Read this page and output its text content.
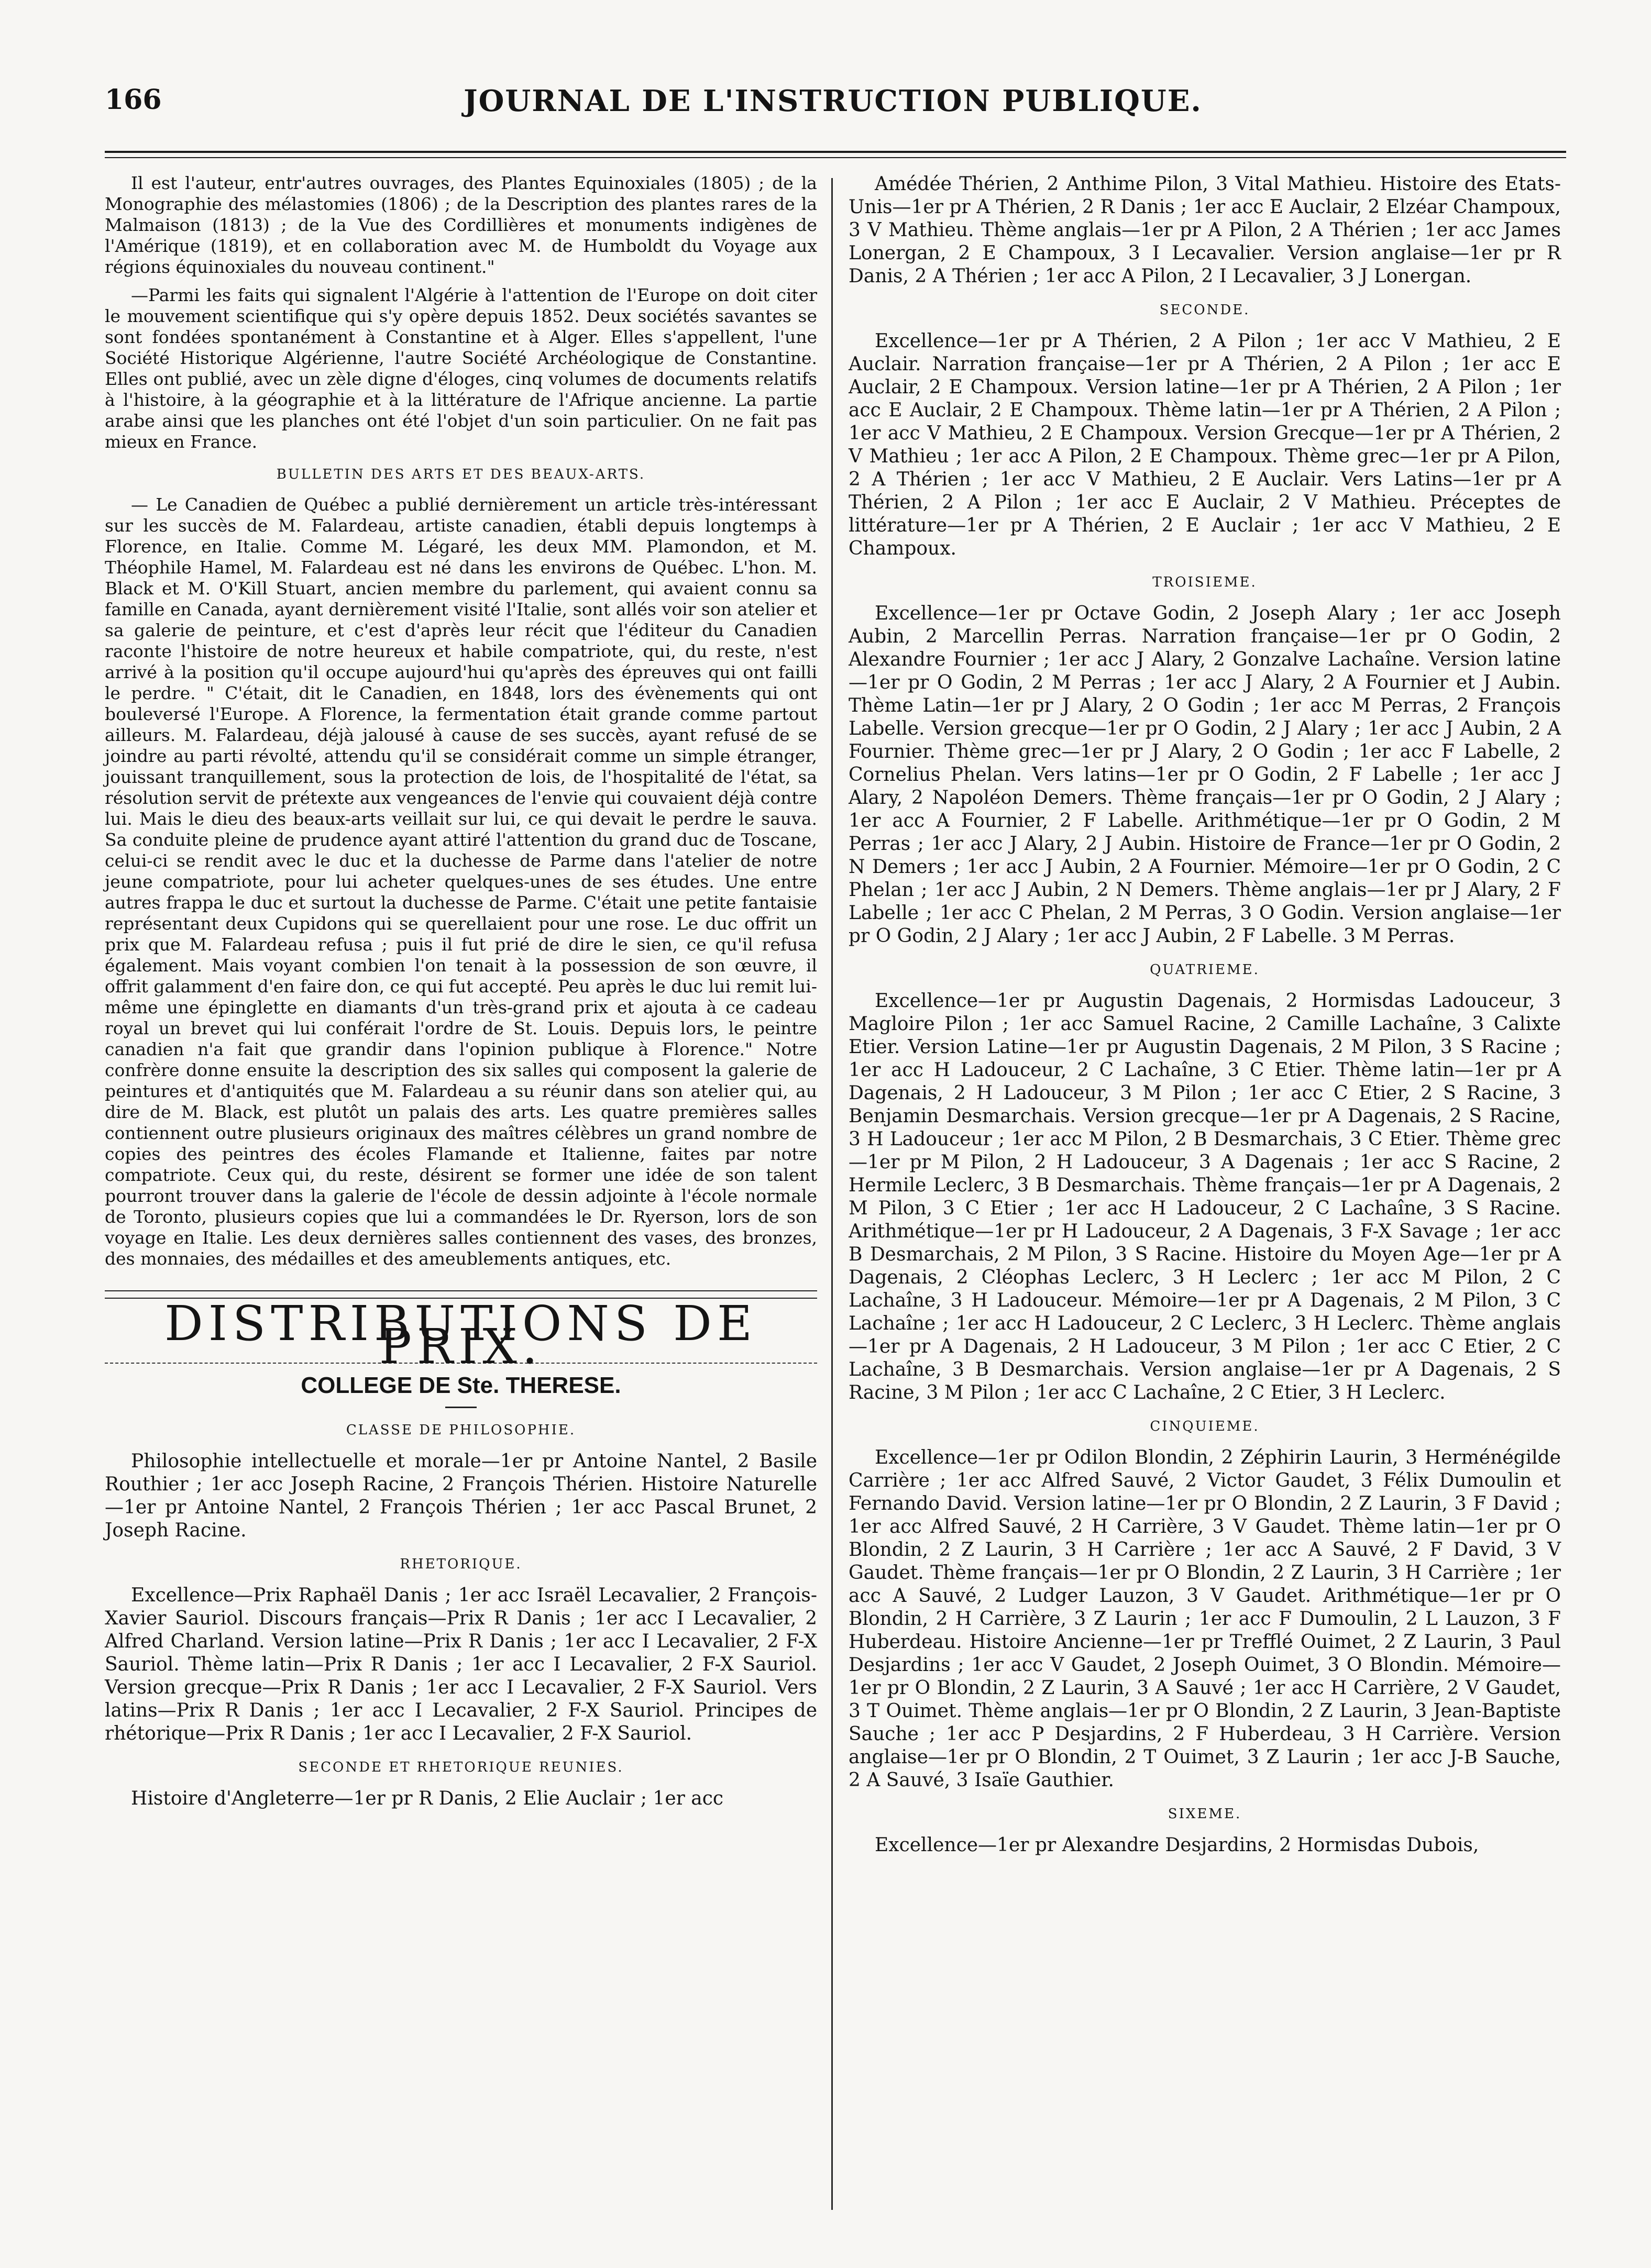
166	JOURNAL DE L'INSTRUCTION PUBLIQUE.

Il est l'auteur, entr'autres ouvrages, des Plantes Equinoxiales (1805) ; de la Monographie des mélastomies (1806) ; de la Description des plantes rares de la Malmaison (1813) ; de la Vue des Cordillières et monuments indigènes de l'Amérique (1819), et en collaboration avec M. de Humboldt du Voyage aux régions équinoxiales du nouveau continent."

—Parmi les faits qui signalent l'Algérie à l'attention de l'Europe on doit citer le mouvement scientifique qui s'y opère depuis 1852. Deux sociétés savantes se sont fondées spontanément à Constantine et à Alger. Elles s'appellent, l'une Société Historique Algérienne, l'autre Société Archéologique de Constantine. Elles ont publié, avec un zèle digne d'éloges, cinq volumes de documents relatifs à l'histoire, à la géographie et à la littérature de l'Afrique ancienne. La partie arabe ainsi que les planches ont été l'objet d'un soin particulier. On ne fait pas mieux en France.

BULLETIN DES ARTS ET DES BEAUX-ARTS.

— Le Canadien de Québec a publié dernièrement un article très-intéressant sur les succès de M. Falardeau, artiste canadien, établi depuis longtemps à Florence, en Italie. Comme M. Légaré, les deux MM. Plamondon, et M. Théophile Hamel, M. Falardeau est né dans les environs de Québec. L'hon. M. Black et M. O'Kill Stuart, ancien membre du parlement, qui avaient connu sa famille en Canada, ayant dernièrement visité l'Italie, sont allés voir son atelier et sa galerie de peinture, et c'est d'après leur récit que l'éditeur du Canadien raconte l'histoire de notre heureux et habile compatriote, qui, du reste, n'est arrivé à la position qu'il occupe aujourd'hui qu'après des épreuves qui ont failli le perdre. " C'était, dit le Canadien, en 1848, lors des évènements qui ont bouleversé l'Europe. A Florence, la fermentation était grande comme partout ailleurs. M. Falardeau, déjà jalousé à cause de ses succès, ayant refusé de se joindre au parti révolté, attendu qu'il se considérait comme un simple étranger, jouissant tranquillement, sous la protection de lois, de l'hospitalité de l'état, sa résolution servit de prétexte aux vengeances de l'envie qui couvaient déjà contre lui. Mais le dieu des beaux-arts veillait sur lui, ce qui devait le perdre le sauva. Sa conduite pleine de prudence ayant attiré l'attention du grand duc de Toscane, celui-ci se rendit avec le duc et la duchesse de Parme dans l'atelier de notre jeune compatriote, pour lui acheter quelques-unes de ses études. Une entre autres frappa le duc et surtout la duchesse de Parme. C'était une petite fantaisie représentant deux Cupidons qui se querellaient pour une rose. Le duc offrit un prix que M. Falardeau refusa ; puis il fut prié de dire le sien, ce qu'il refusa également. Mais voyant combien l'on tenait à la possession de son œuvre, il offrit galamment d'en faire don, ce qui fut accepté. Peu après le duc lui remit lui-même une épinglette en diamants d'un très-grand prix et ajouta à ce cadeau royal un brevet qui lui conférait l'ordre de St. Louis. Depuis lors, le peintre canadien n'a fait que grandir dans l'opinion publique à Florence." Notre confrère donne ensuite la description des six salles qui composent la galerie de peintures et d'antiquités que M. Falardeau a su réunir dans son atelier qui, au dire de M. Black, est plutôt un palais des arts. Les quatre premières salles contiennent outre plusieurs originaux des maîtres célèbres un grand nombre de copies des peintres des écoles Flamande et Italienne, faites par notre compatriote. Ceux qui, du reste, désirent se former une idée de son talent pourront trouver dans la galerie de l'école de dessin adjointe à l'école normale de Toronto, plusieurs copies que lui a commandées le Dr. Ryerson, lors de son voyage en Italie. Les deux dernières salles contiennent des vases, des bronzes, des monnaies, des médailles et des ameublements antiques, etc.

DISTRIBUTIONS DE PRIX.
COLLEGE DE Ste. THERESE.
CLASSE DE PHILOSOPHIE.

Philosophie intellectuelle et morale—1er pr Antoine Nantel, 2 Basile Routhier ; 1er acc Joseph Racine, 2 François Thérien. Histoire Naturelle—1er pr Antoine Nantel, 2 François Thérien ; 1er acc Pascal Brunet, 2 Joseph Racine.

RHETORIQUE.

Excellence—Prix Raphaël Danis ; 1er acc Israël Lecavalier, 2 François-Xavier Sauriol. Discours français—Prix R Danis ; 1er acc I Lecavalier, 2 Alfred Charland. Version latine—Prix R Danis ; 1er acc I Lecavalier, 2 F-X Sauriol. Thème latin—Prix R Danis ; 1er acc I Lecavalier, 2 F-X Sauriol. Version grecque—Prix R Danis ; 1er acc I Lecavalier, 2 F-X Sauriol. Vers latins—Prix R Danis ; 1er acc I Lecavalier, 2 F-X Sauriol. Principes de rhétorique—Prix R Danis ; 1er acc I Lecavalier, 2 F-X Sauriol.

SECONDE ET RHETORIQUE REUNIES.

Histoire d'Angleterre—1er pr R Danis, 2 Elie Auclair ; 1er acc

Amédée Thérien, 2 Anthime Pilon, 3 Vital Mathieu. Histoire des Etats-Unis—1er pr A Thérien, 2 R Danis ; 1er acc E Auclair, 2 Elzéar Champoux, 3 V Mathieu. Thème anglais—1er pr A Pilon, 2 A Thérien ; 1er acc James Lonergan, 2 E Champoux, 3 I Lecavalier. Version anglaise—1er pr R Danis, 2 A Thérien ; 1er acc A Pilon, 2 I Lecavalier, 3 J Lonergan.

SECONDE.

Excellence—1er pr A Thérien, 2 A Pilon ; 1er acc V Mathieu, 2 E Auclair. Narration française—1er pr A Thérien, 2 A Pilon ; 1er acc E Auclair, 2 E Champoux. Version latine—1er pr A Thérien, 2 A Pilon ; 1er acc E Auclair, 2 E Champoux. Thème latin—1er pr A Thérien, 2 A Pilon ; 1er acc V Mathieu, 2 E Champoux. Version Grecque—1er pr A Thérien, 2 V Mathieu ; 1er acc A Pilon, 2 E Champoux. Thème grec—1er pr A Pilon, 2 A Thérien ; 1er acc V Mathieu, 2 E Auclair. Vers Latins—1er pr A Thérien, 2 A Pilon ; 1er acc E Auclair, 2 V Mathieu. Préceptes de littérature—1er pr A Thérien, 2 E Auclair ; 1er acc V Mathieu, 2 E Champoux.

TROISIEME.

Excellence—1er pr Octave Godin, 2 Joseph Alary ; 1er acc Joseph Aubin, 2 Marcellin Perras. Narration française—1er pr O Godin, 2 Alexandre Fournier ; 1er acc J Alary, 2 Gonzalve Lachaîne. Version latine—1er pr O Godin, 2 M Perras ; 1er acc J Alary, 2 A Fournier et J Aubin. Thème Latin—1er pr J Alary, 2 O Godin ; 1er acc M Perras, 2 François Labelle. Version grecque—1er pr O Godin, 2 J Alary ; 1er acc J Aubin, 2 A Fournier. Thème grec—1er pr J Alary, 2 O Godin ; 1er acc F Labelle, 2 Cornelius Phelan. Vers latins—1er pr O Godin, 2 F Labelle ; 1er acc J Alary, 2 Napoléon Demers. Thème français—1er pr O Godin, 2 J Alary ; 1er acc A Fournier, 2 F Labelle. Arithmétique—1er pr O Godin, 2 M Perras ; 1er acc J Alary, 2 J Aubin. Histoire de France—1er pr O Godin, 2 N Demers ; 1er acc J Aubin, 2 A Fournier. Mémoire—1er pr O Godin, 2 C Phelan ; 1er acc J Aubin, 2 N Demers. Thème anglais—1er pr J Alary, 2 F Labelle ; 1er acc C Phelan, 2 M Perras, 3 O Godin. Version anglaise—1er pr O Godin, 2 J Alary ; 1er acc J Aubin, 2 F Labelle. 3 M Perras.

QUATRIEME.

Excellence—1er pr Augustin Dagenais, 2 Hormisdas Ladouceur, 3 Magloire Pilon ; 1er acc Samuel Racine, 2 Camille Lachaîne, 3 Calixte Etier. Version Latine—1er pr Augustin Dagenais, 2 M Pilon, 3 S Racine ; 1er acc H Ladouceur, 2 C Lachaîne, 3 C Etier. Thème latin—1er pr A Dagenais, 2 H Ladouceur, 3 M Pilon ; 1er acc C Etier, 2 S Racine, 3 Benjamin Desmarchais. Version grecque—1er pr A Dagenais, 2 S Racine, 3 H Ladouceur ; 1er acc M Pilon, 2 B Desmarchais, 3 C Etier. Thème grec—1er pr M Pilon, 2 H Ladouceur, 3 A Dagenais ; 1er acc S Racine, 2 Hermile Leclerc, 3 B Desmarchais. Thème français—1er pr A Dagenais, 2 M Pilon, 3 C Etier ; 1er acc H Ladouceur, 2 C Lachaîne, 3 S Racine. Arithmétique—1er pr H Ladouceur, 2 A Dagenais, 3 F-X Savage ; 1er acc B Desmarchais, 2 M Pilon, 3 S Racine. Histoire du Moyen Age—1er pr A Dagenais, 2 Cléophas Leclerc, 3 H Leclerc ; 1er acc M Pilon, 2 C Lachaîne, 3 H Ladouceur. Mémoire—1er pr A Dagenais, 2 M Pilon, 3 C Lachaîne ; 1er acc H Ladouceur, 2 C Leclerc, 3 H Leclerc. Thème anglais—1er pr A Dagenais, 2 H Ladouceur, 3 M Pilon ; 1er acc C Etier, 2 C Lachaîne, 3 B Desmarchais. Version anglaise—1er pr A Dagenais, 2 S Racine, 3 M Pilon ; 1er acc C Lachaîne, 2 C Etier, 3 H Leclerc.

CINQUIEME.

Excellence—1er pr Odilon Blondin, 2 Zéphirin Laurin, 3 Herménégilde Carrière ; 1er acc Alfred Sauvé, 2 Victor Gaudet, 3 Félix Dumoulin et Fernando David. Version latine—1er pr O Blondin, 2 Z Laurin, 3 F David ; 1er acc Alfred Sauvé, 2 H Carrière, 3 V Gaudet. Thème latin—1er pr O Blondin, 2 Z Laurin, 3 H Carrière ; 1er acc A Sauvé, 2 F David, 3 V Gaudet. Thème français—1er pr O Blondin, 2 Z Laurin, 3 H Carrière ; 1er acc A Sauvé, 2 Ludger Lauzon, 3 V Gaudet. Arithmétique—1er pr O Blondin, 2 H Carrière, 3 Z Laurin ; 1er acc F Dumoulin, 2 L Lauzon, 3 F Huberdeau. Histoire Ancienne—1er pr Trefflé Ouimet, 2 Z Laurin, 3 Paul Desjardins ; 1er acc V Gaudet, 2 Joseph Ouimet, 3 O Blondin. Mémoire—1er pr O Blondin, 2 Z Laurin, 3 A Sauvé ; 1er acc H Carrière, 2 V Gaudet, 3 T Ouimet. Thème anglais—1er pr O Blondin, 2 Z Laurin, 3 Jean-Baptiste Sauche ; 1er acc P Desjardins, 2 F Huberdeau, 3 H Carrière. Version anglaise—1er pr O Blondin, 2 T Ouimet, 3 Z Laurin ; 1er acc J-B Sauche, 2 A Sauvé, 3 Isaïe Gauthier.

SIXEME.

Excellence—1er pr Alexandre Desjardins, 2 Hormisdas Dubois,
